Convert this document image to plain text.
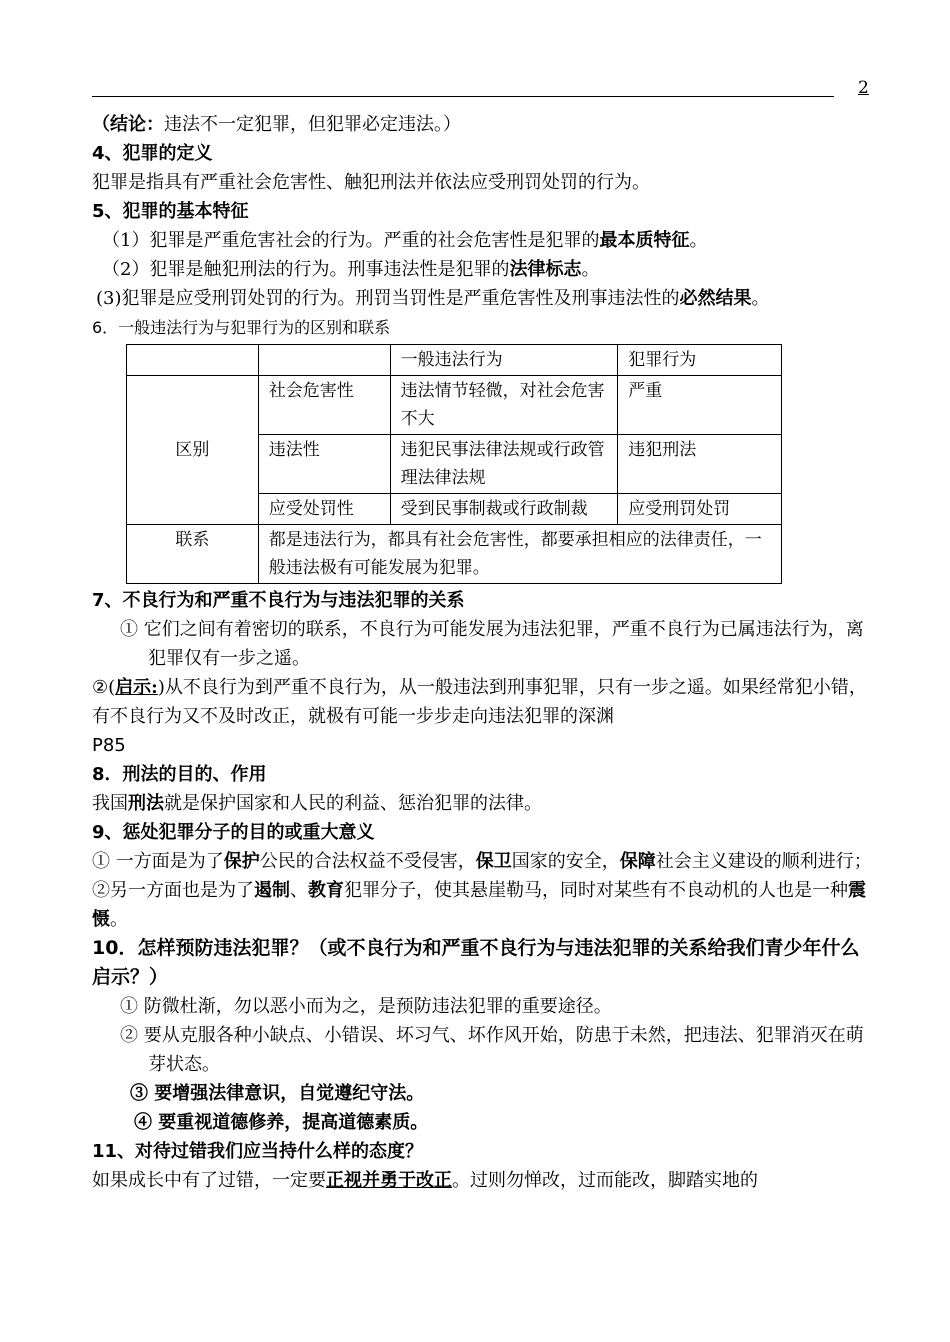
2

（结论：违法不一定犯罪，但犯罪必定违法。）

4、犯罪的定义

犯罪是指具有严重社会危害性、触犯刑法并依法应受刑罚处罚的行为。

5、犯罪的基本特征

（1）犯罪是严重危害社会的行为。严重的社会危害性是犯罪的最本质特征。

（2）犯罪是触犯刑法的行为。刑事违法性是犯罪的法律标志。

(3)犯罪是应受刑罚处罚的行为。刑罚当罚性是严重危害性及刑事违法性的必然结果。

6．一般违法行为与犯罪行为的区别和联系

		一般违法行为	犯罪行为
区别	社会危害性	违法情节轻微，对社会危害不大	严重
	违法性	违犯民事法律法规或行政管理法律法规	违犯刑法
	应受处罚性	受到民事制裁或行政制裁	应受刑罚处罚
联系	都是违法行为，都具有社会危害性，都要承担相应的法律责任，一般违法极有可能发展为犯罪。		

7、不良行为和严重不良行为与违法犯罪的关系

① 它们之间有着密切的联系，不良行为可能发展为违法犯罪，严重不良行为已属违法行为，离犯罪仅有一步之遥。

②(启示:)从不良行为到严重不良行为，从一般违法到刑事犯罪，只有一步之遥。如果经常犯小错，有不良行为又不及时改正，就极有可能一步步走向违法犯罪的深渊
P85

8．刑法的目的、作用

我国刑法就是保护国家和人民的利益、惩治犯罪的法律。

9、惩处犯罪分子的目的或重大意义

① 一方面是为了保护公民的合法权益不受侵害，保卫国家的安全，保障社会主义建设的顺利进行；②另一方面也是为了遏制、教育犯罪分子，使其悬崖勒马，同时对某些有不良动机的人也是一种震慑。

10．怎样预防违法犯罪？（或不良行为和严重不良行为与违法犯罪的关系给我们青少年什么启示？）

① 防微杜渐，勿以恶小而为之，是预防违法犯罪的重要途径。

② 要从克服各种小缺点、小错误、坏习气、坏作风开始，防患于未然，把违法、犯罪消灭在萌芽状态。

③ 要增强法律意识，自觉遵纪守法。

④ 要重视道德修养，提高道德素质。

11、对待过错我们应当持什么样的态度？

如果成长中有了过错，一定要正视并勇于改正。过则勿惮改，过而能改，脚踏实地的
